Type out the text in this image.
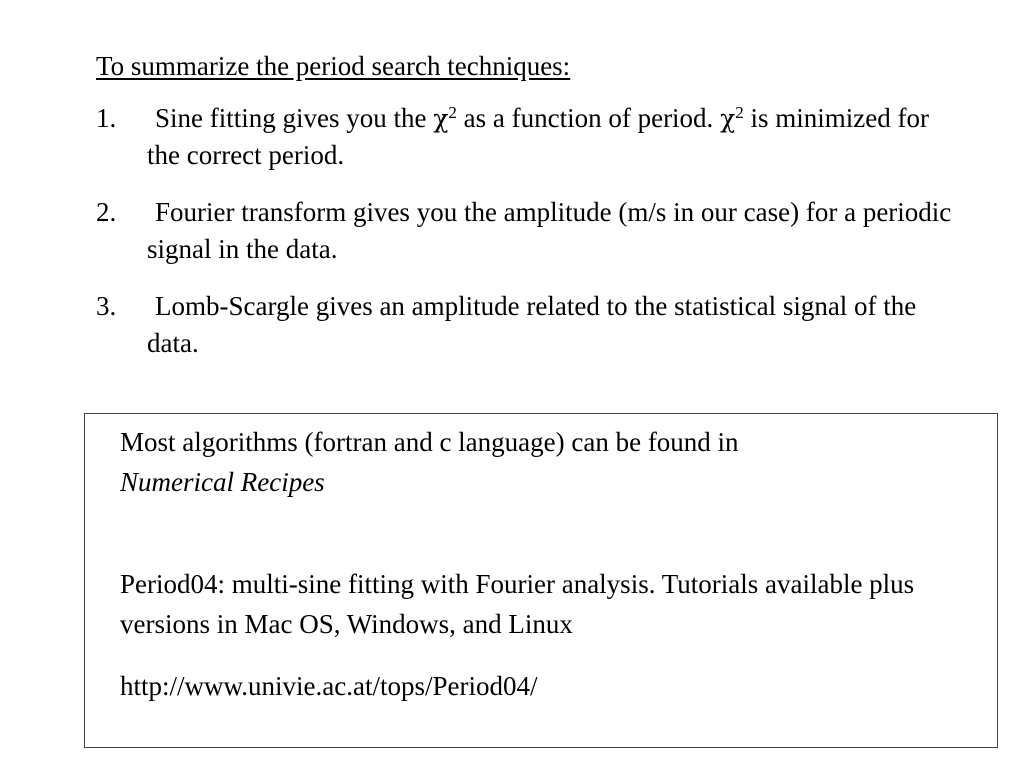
To summarize the period search techniques:
1. Sine fitting gives you the $\chi^2$ as a function of period. $\chi^2$ is minimized for the correct period.
2. Fourier transform gives you the amplitude (m/s in our case) for a periodic signal in the data.
3. Lomb-Scargle gives an amplitude related to the statistical signal of the data.
Most algorithms (fortran and c language) can be found in
Numerical Recipes
Period04: multi-sine fitting with Fourier analysis. Tutorials available plus versions in Mac OS, Windows, and Linux
http://www.univie.ac.at/tops/Period04/
